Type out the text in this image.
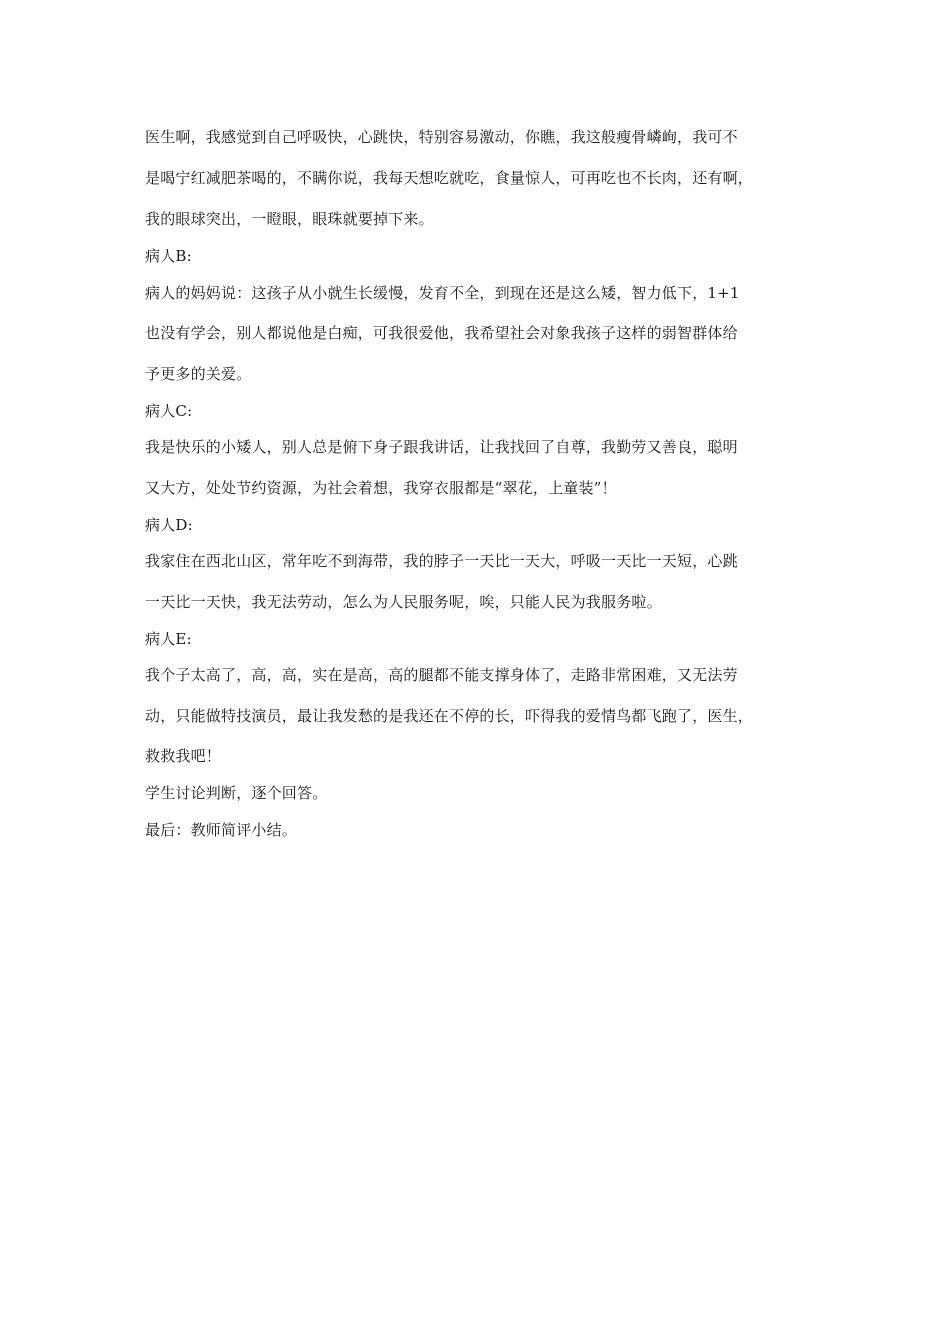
医生啊，我感觉到自己呼吸快，心跳快，特别容易激动，你瞧，我这般瘦骨嶙峋，我可不
是喝宁红减肥茶喝的，不瞒你说，我每天想吃就吃，食量惊人，可再吃也不长肉，还有啊，
我的眼球突出，一瞪眼，眼珠就要掉下来。
病人B:
病人的妈妈说：这孩子从小就生长缓慢，发育不全，到现在还是这么矮，智力低下，1+1
也没有学会，别人都说他是白痴，可我很爱他，我希望社会对象我孩子这样的弱智群体给
予更多的关爱。
病人C:
我是快乐的小矮人，别人总是俯下身子跟我讲话，让我找回了自尊，我勤劳又善良，聪明
又大方，处处节约资源，为社会着想，我穿衣服都是“翠花，上童装”！
病人D:
我家住在西北山区，常年吃不到海带，我的脖子一天比一天大，呼吸一天比一天短，心跳
一天比一天快，我无法劳动，怎么为人民服务呢，唉，只能人民为我服务啦。
病人E:
我个子太高了，高，高，实在是高，高的腿都不能支撑身体了，走路非常困难，又无法劳
动，只能做特技演员，最让我发愁的是我还在不停的长，吓得我的爱情鸟都飞跑了，医生，
救救我吧！
学生讨论判断，逐个回答。
最后：教师简评小结。
